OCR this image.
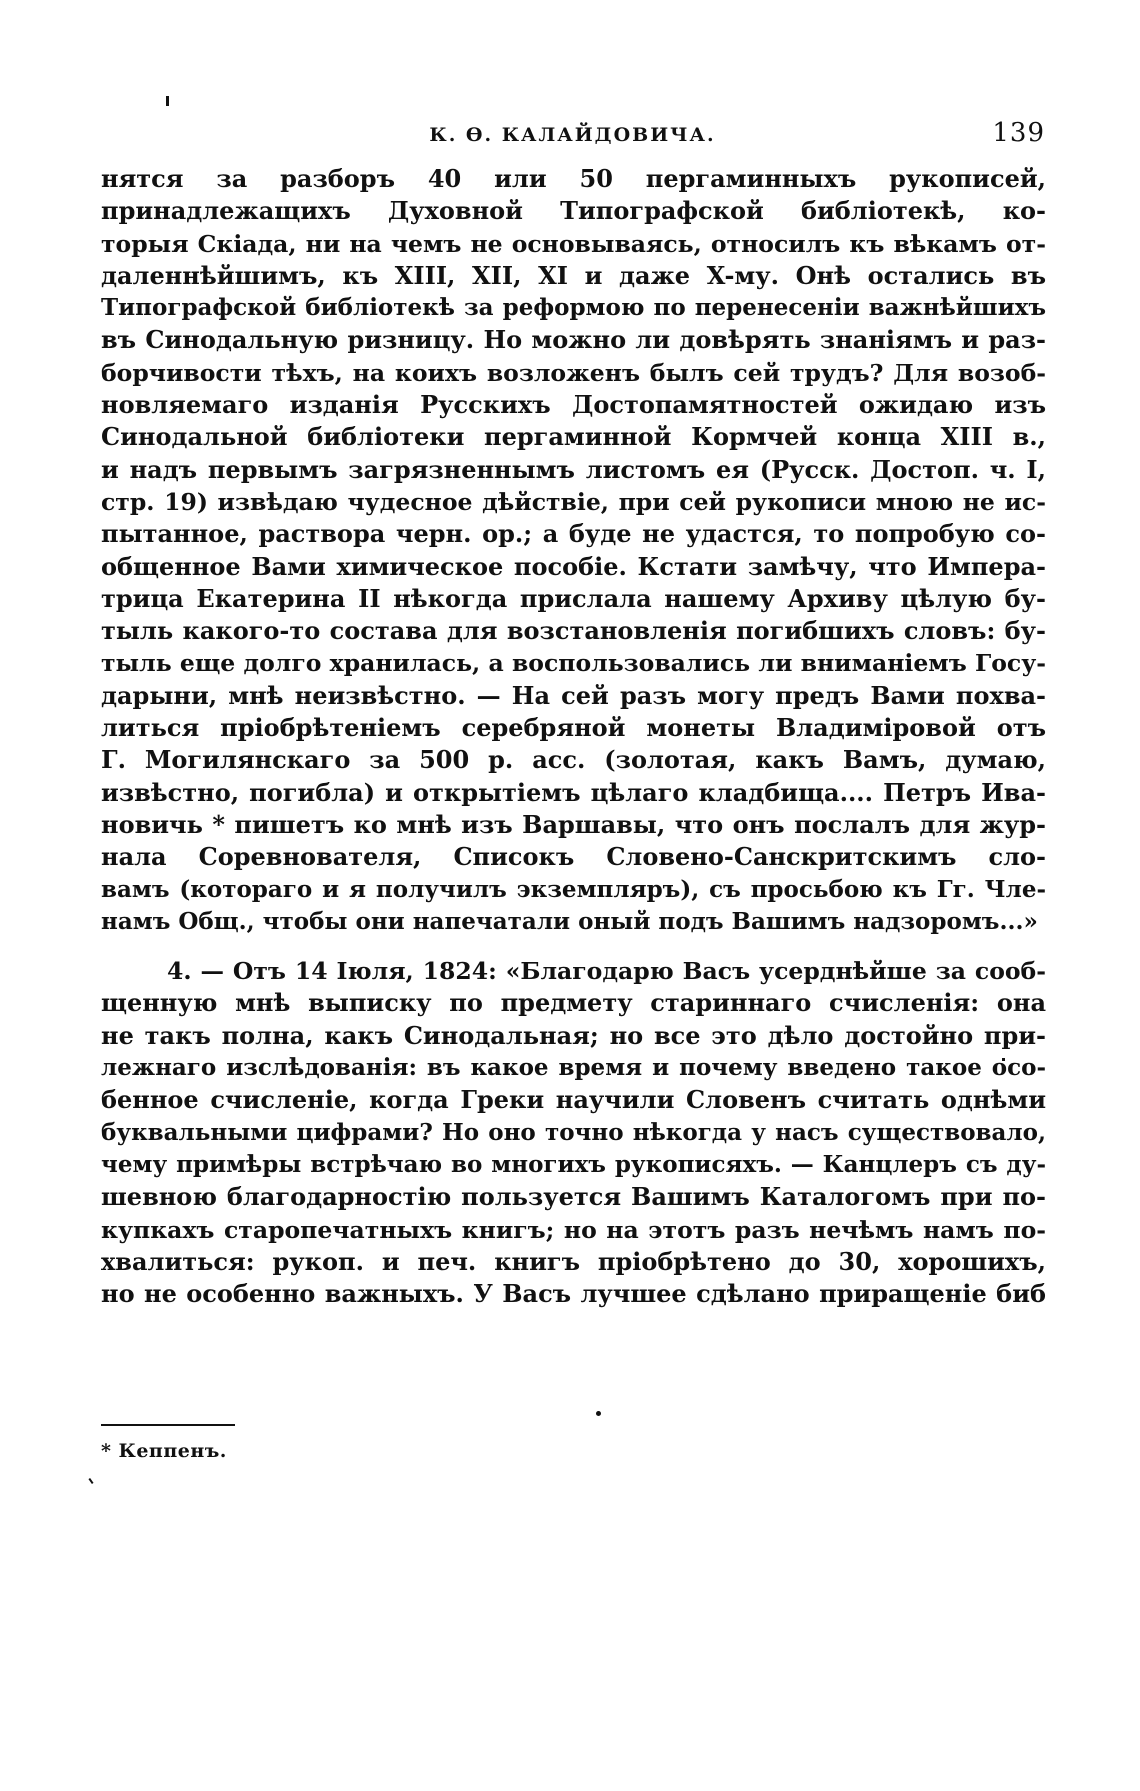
К. Ѳ. КАЛАЙДОВИЧА.	139
нятся за разборъ 40 или 50 пергаминныхъ рукописей,
принадлежащихъ Духовной Типографской библіотекѣ, ко-
торыя Скіада, ни на чемъ не основываясь, относилъ къ вѣкамъ от-
даленнѣйшимъ, къ XIII, XII, XI и даже X-му. Онѣ остались въ
Типографской библіотекѣ за реформою по перенесеніи важнѣйшихъ
въ Синодальную ризницу. Но можно ли довѣрять знаніямъ и раз-
борчивости тѣхъ, на коихъ возложенъ былъ сей трудъ? Для возоб-
новляемаго изданія Русскихъ Достопамятностей ожидаю изъ
Синодальной библіотеки пергаминной Кормчей конца XIII в.,
и надъ первымъ загрязненнымъ листомъ ея (Русск. Достоп. ч. I,
стр. 19) извѣдаю чудесное дѣйствіе, при сей рукописи мною не ис-
пытанное, раствора черн. ор.; а буде не удастся, то попробую со-
общенное Вами химическое пособіе. Кстати замѣчу, что Импера-
трица Екатерина II нѣкогда прислала нашему Архиву цѣлую бу-
тыль какого-то состава для возстановленія погибшихъ словъ: бу-
тыль еще долго хранилась, а воспользовались ли вниманіемъ Госу-
дарыни, мнѣ неизвѣстно. — На сей разъ могу предъ Вами похва-
литься пріобрѣтеніемъ серебряной монеты Владиміровой отъ
Г. Могилянскаго за 500 р. асс. (золотая, какъ Вамъ, думаю,
извѣстно, погибла) и открытіемъ цѣлаго кладбища.... Петръ Ива-
новичь * пишетъ ко мнѣ изъ Варшавы, что онъ послалъ для жур-
нала Соревнователя, Списокъ Словено-Санскритскимъ сло-
вамъ (котораго и я получилъ экземпляръ), съ просьбою къ Гг. Чле-
намъ Общ., чтобы они напечатали оный подъ Вашимъ надзоромъ...»
4. — Отъ 14 Іюля, 1824: «Благодарю Васъ усерднѣйше за сооб-
щенную мнѣ выписку по предмету стариннаго счисленія: она
не такъ полна, какъ Синодальная; но все это дѣло достойно при-
лежнаго изслѣдованія: въ какое время и почему введено такое осо-
бенное счисленіе, когда Греки научили Словенъ считать однѣми
буквальными цифрами? Но оно точно нѣкогда у насъ существовало,
чему примѣры встрѣчаю во многихъ рукописяхъ. — Канцлеръ съ ду-
шевною благодарностію пользуется Вашимъ Каталогомъ при по-
купкахъ старопечатныхъ книгъ; но на этотъ разъ нечѣмъ намъ по-
хвалиться: рукоп. и печ. книгъ пріобрѣтено до 30, хорошихъ,
но не особенно важныхъ. У Васъ лучшее сдѣлано приращеніе биб
* Кеппенъ.
